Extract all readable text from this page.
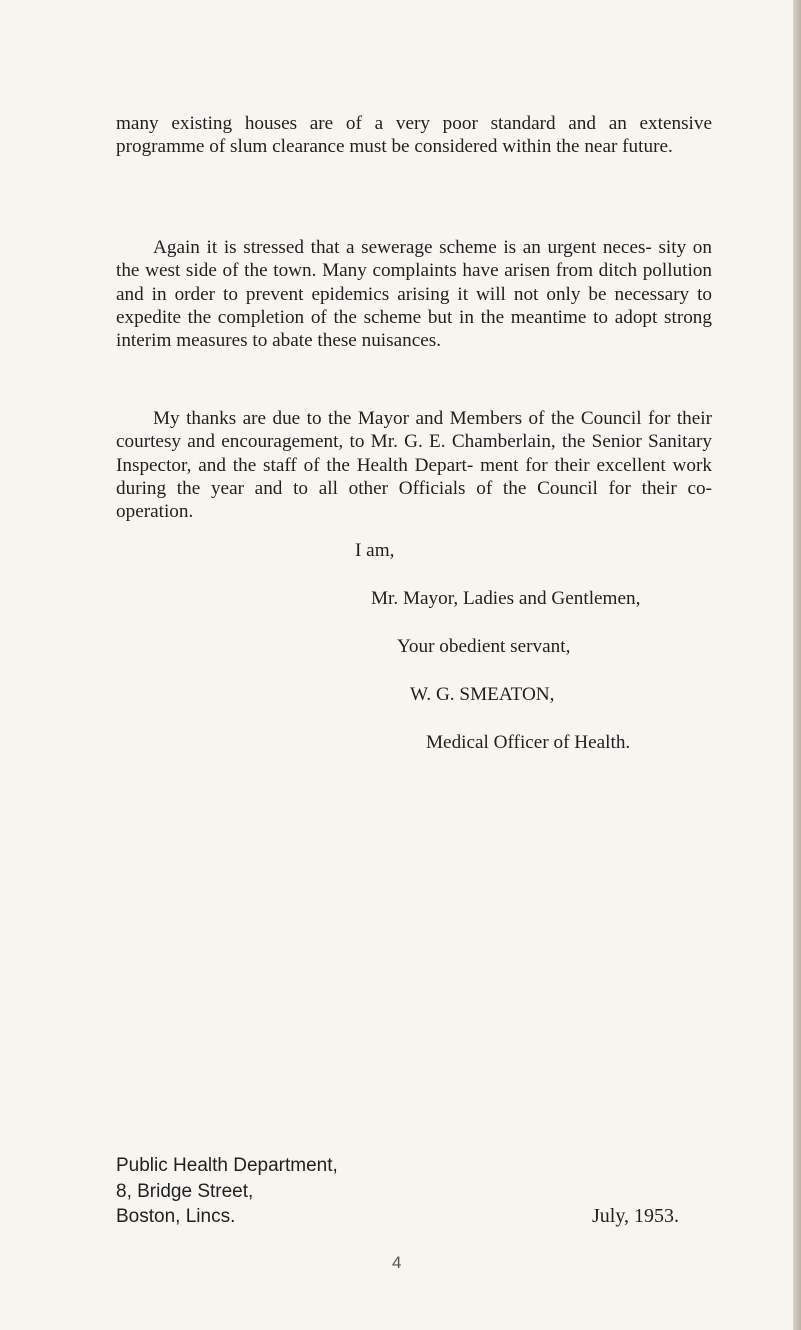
many existing houses are of a very poor standard and an extensive programme of slum clearance must be considered within the near future.

Again it is stressed that a sewerage scheme is an urgent neces- sity on the west side of the town. Many complaints have arisen from ditch pollution and in order to prevent epidemics arising it will not only be necessary to expedite the completion of the scheme but in the meantime to adopt strong interim measures to abate these nuisances.

My thanks are due to the Mayor and Members of the Council for their courtesy and encouragement, to Mr. G. E. Chamberlain, the Senior Sanitary Inspector, and the staff of the Health Depart- ment for their excellent work during the year and to all other Officials of the Council for their co-operation.

I am,

Mr. Mayor, Ladies and Gentlemen,

Your obedient servant,

W. G. SMEATON,

Medical Officer of Health.

Public Health Department,
8, Bridge Street,
Boston, Lincs.	July, 1953.

4
